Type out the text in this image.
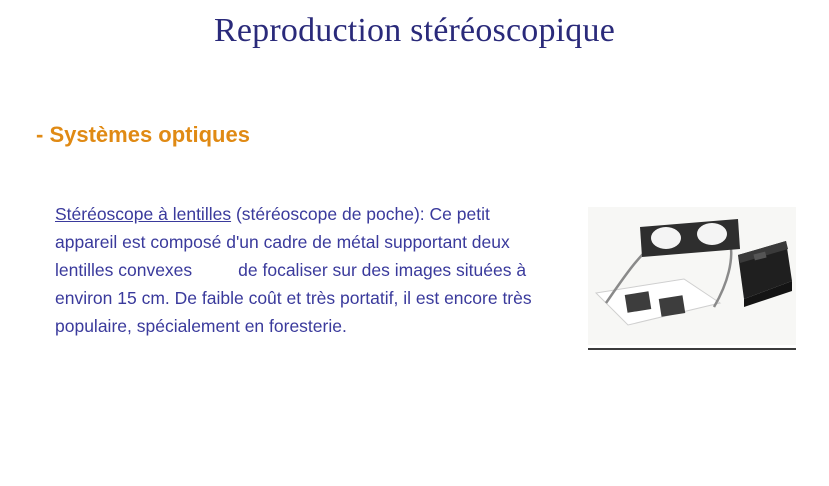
Reproduction stéréoscopique
- Systèmes optiques
Stéréoscope à lentilles (stéréoscope de poche): Ce petit appareil est composé d'un cadre de métal supportant deux lentilles convexes	de focaliser sur des images situées à environ 15 cm. De faible coût et très portatif, il est encore très populaire, spécialement en foresterie.
